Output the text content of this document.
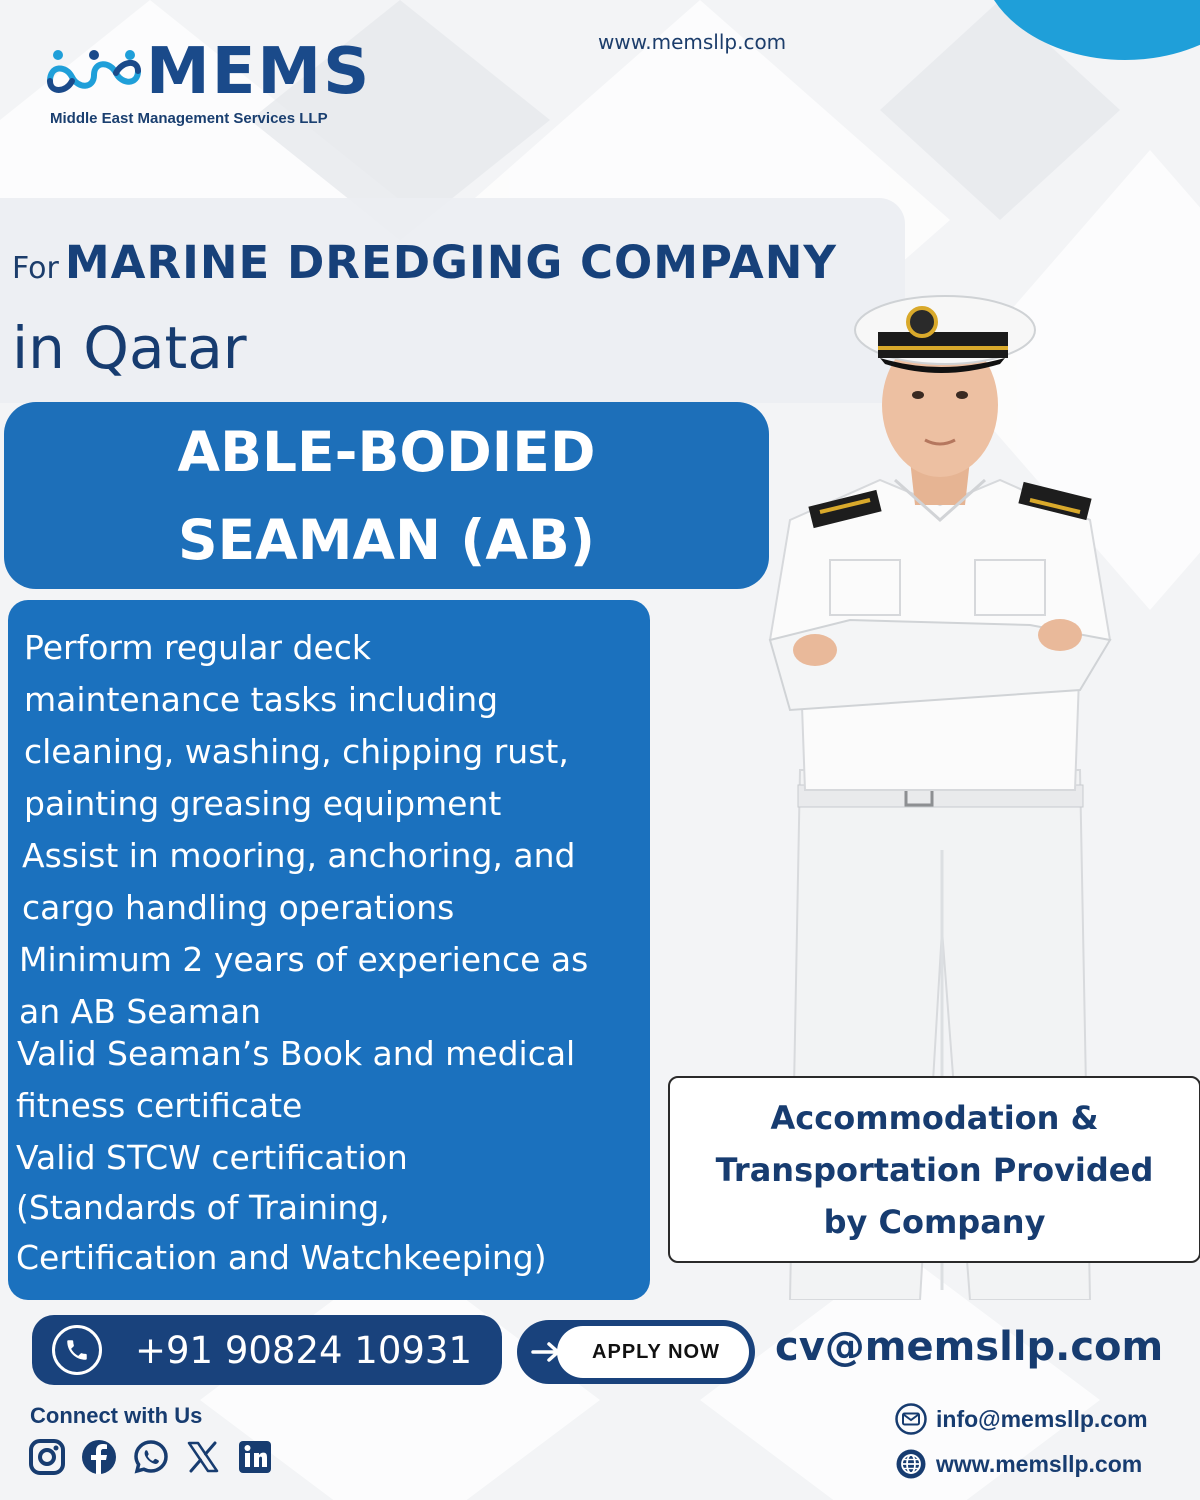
MEMS
Middle East Management Services LLP
www.memsllp.com
For MARINE DREDGING COMPANY
in Qatar
ABLE-BODIED
SEAMAN (AB)
Perform regular deck
maintenance tasks including
cleaning, washing, chipping rust,
painting greasing equipment
Assist in mooring, anchoring, and
cargo handling operations
Minimum 2 years of experience as
an AB Seaman
Valid Seaman’s Book and medical
fitness certificate
Valid STCW certification
(Standards of Training,
Certification and Watchkeeping)
Accommodation &
Transportation Provided
by Company
+91 90824 10931	APPLY NOW cv@memsllp.com
Connect with Us	info@memsllp.com
www.memsllp.com
